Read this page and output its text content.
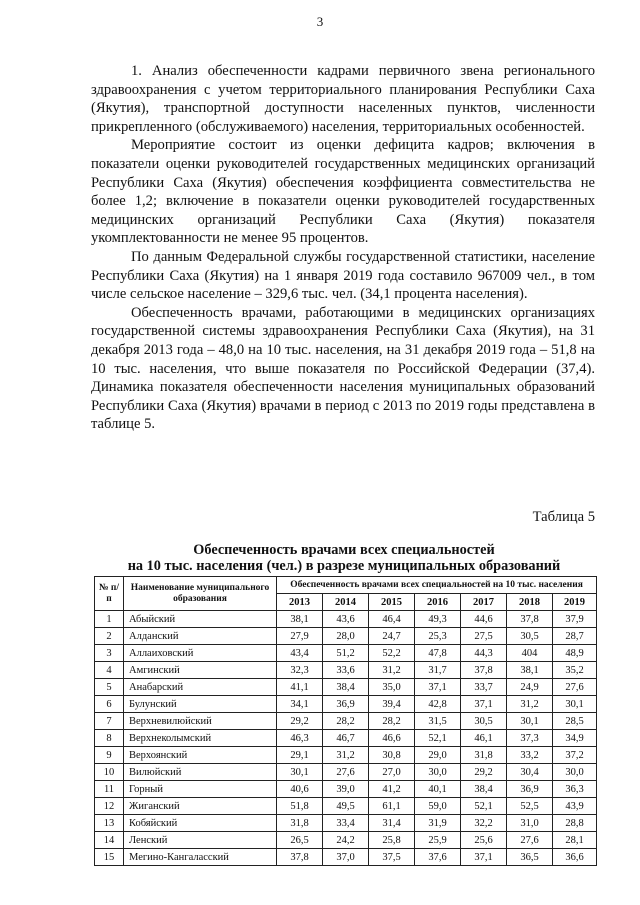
3

1. Анализ обеспеченности кадрами первичного звена регионального здравоохранения с учетом территориального планирования Республики Саха (Якутия), транспортной доступности населенных пунктов, численности прикрепленного (обслуживаемого) населения, территориальных особенностей.

Мероприятие состоит из оценки дефицита кадров; включения в показатели оценки руководителей государственных медицинских организаций Республики Саха (Якутия) обеспечения коэффициента совместительства не более 1,2; включение в показатели оценки руководителей государственных медицинских организаций Республики Саха (Якутия) показателя укомплектованности не менее 95 процентов.

По данным Федеральной службы государственной статистики, население Республики Саха (Якутия) на 1 января 2019 года составило 967009 чел., в том числе сельское население – 329,6 тыс. чел. (34,1 процента населения).

Обеспеченность врачами, работающими в медицинских организациях государственной системы здравоохранения Республики Саха (Якутия), на 31 декабря 2013 года – 48,0 на 10 тыс. населения, на 31 декабря 2019 года – 51,8 на 10 тыс. населения, что выше показателя по Российской Федерации (37,4). Динамика показателя обеспеченности населения муниципальных образований Республики Саха (Якутия) врачами в период с 2013 по 2019 годы представлена в таблице 5.

Таблица 5
Обеспеченность врачами всех специальностей
на 10 тыс. населения (чел.) в разрезе муниципальных образований
№ п/п	Наименование муниципального образования	Обеспеченность врачами всех специальностей на 10 тыс. населения						
		2013	2014	2015	2016	2017	2018	2019
1	Абыйский	38,1	43,6	46,4	49,3	44,6	37,8	37,9
2	Алданский	27,9	28,0	24,7	25,3	27,5	30,5	28,7
3	Аллаиховский	43,4	51,2	52,2	47,8	44,3	404	48,9
4	Амгинский	32,3	33,6	31,2	31,7	37,8	38,1	35,2
5	Анабарский	41,1	38,4	35,0	37,1	33,7	24,9	27,6
6	Булунский	34,1	36,9	39,4	42,8	37,1	31,2	30,1
7	Верхневилюйский	29,2	28,2	28,2	31,5	30,5	30,1	28,5
8	Верхнеколымский	46,3	46,7	46,6	52,1	46,1	37,3	34,9
9	Верхоянский	29,1	31,2	30,8	29,0	31,8	33,2	37,2
10	Вилюйский	30,1	27,6	27,0	30,0	29,2	30,4	30,0
11	Горный	40,6	39,0	41,2	40,1	38,4	36,9	36,3
12	Жиганский	51,8	49,5	61,1	59,0	52,1	52,5	43,9
13	Кобяйский	31,8	33,4	31,4	31,9	32,2	31,0	28,8
14	Ленский	26,5	24,2	25,8	25,9	25,6	27,6	28,1
15	Мегино-Кангаласский	37,8	37,0	37,5	37,6	37,1	36,5	36,6
